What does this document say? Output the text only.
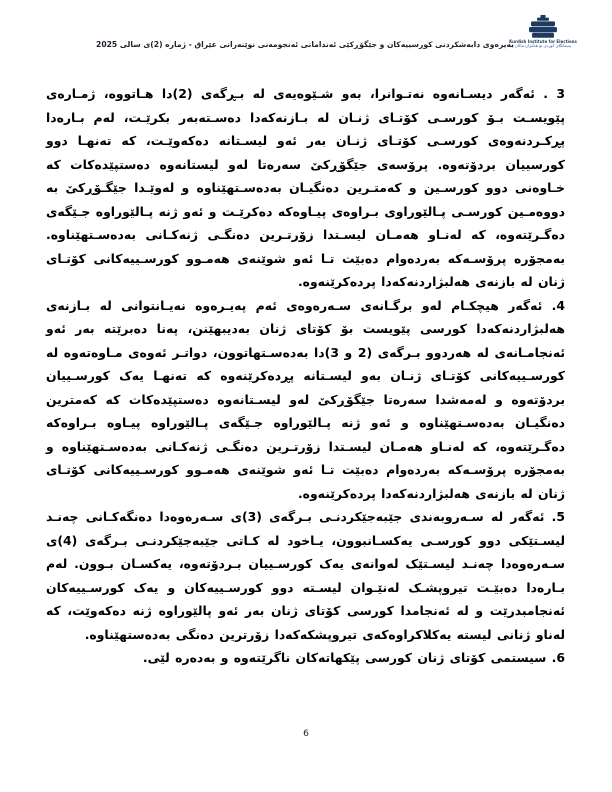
Kurdish Institute for Elections
پەیمانگای کوردی بۆ هەڵبژاردنەکان
بەیرەوی دابەشکردنی کورسییەکان و جێگۆڕکێی ئەندامانی ئەنجومەنی نوێنەرانی عێراق - ژمارە (2)ی سالی 2025

3 . ئەگەر دیسـانەوە نەتـوانرا، بەو شـێوەیەی لە بـڕگەی (2)دا هـاتووە، ژمـارەی پێویسـت بـۆ کورسـی کۆتـای ژنـان لە بـازنەکەدا دەسـتەبەر بکرێـت، لەم بـارەدا پڕکـردنەوەی کورسـی کۆتـای ژنـان بەر ئەو لیسـتانە دەکەوێـت، کە تەنهـا دوو کورسییان بردۆتەوە. پرۆسەی جێگۆڕکێ سەرەتا لەو لیستانەوە دەستپێدەکات کە خـاوەنی دوو کورسـین و کەمتـرین دەنگیـان بەدەسـتهێناوە و لەوێـدا جێگـۆڕکێ بە دووەمـین کورسـی پـالێوراوی بـراوەی پیـاوەکە دەکرێـت و ئەو ژنە پـالێوراوە جـێگەی دەگـرێتەوە، کە لەنـاو هەمـان لیسـتدا زۆرتـرین دەنگـی ژنەکـانی بەدەسـتهێناوە. بەمجۆرە پرۆسـەکە بەردەوام دەبێت تـا ئەو شوێنەی هەمـوو کورسـییەکانی کۆتـای ژنان لە بازنەی هەلبژاردنەکەدا پردەکرێنەوە.

4. ئەگەر هیچکـام لەو برگـانەی سـەرەوەی ئەم پەیـرەوە نەیـانتوانی لە بـازنەی هەلبژاردنەکەدا کورسی پێویست بۆ کۆتای ژنان بەدیبهێنن، پەنا دەبرێتە بەر ئەو ئەنجامـانەی لە هەردوو بـرگەی (2 و 3)دا بەدەسـتهاتوون، دواتـر ئەوەی مـاوەتەوە لە کورسـییەکانی کۆتـای ژنـان بەو لیسـتانە پڕدەکرێنەوە کە تەنهـا یەک کورسـییان بردۆتەوە و لەمەشدا سەرەتا جێگۆڕکێ لەو لیسـتانەوە دەستپێدەکات کە کەمترین دەنگیـان بەدەسـتهێناوە و ئەو ژنە پـالێوراوە جـێگەی پـالێوراوە پیـاوە بـراوەکە دەگـرێتەوە، کە لەنـاو هەمـان لیسـتدا زۆرتـرین دەنگـی ژنەکـانی بەدەسـتهێناوە و بەمجۆرە پرۆسـەکە بەردەوام دەبێت تـا ئەو شوێنەی هەمـوو کورسـییەکانی کۆتـای ژنان لە بازنەی هەلبژاردنەکەدا پردەکرێنەوە.

5. ئەگەر لە سـەروبەندی جێبەجێکردنـی بـرگەی (3)ی سـەرەوەدا دەنگەکـانی چەنـد لیسـتێکی دوو کورسـی یەکسـانبوون، یـاخود لە کـاتی جێبەجێکردنـی بـرگەی (4)ی سـەرەوەدا چەنـد لیسـتێک لەوانەی یەک کورسـییان بـردۆتەوە، یەکسـان بـوون. لەم بـارەدا دەبێـت تیروپشـک لەنێـوان لیسـتە دوو کورسـییەکان و یەک کورسـییەکان ئەنجامبدرێت و لە ئەنجامدا کورسی کۆتای ژنان بەر ئەو پالێوراوە ژنە دەکەوێت، کە لەناو ژنانی لیستە یەکلاکراوەکەی تیروپشکەکەدا زۆرترین دەنگی بەدەستهێناوە.

6. سیستمی کۆتای ژنان کورسی پێکهاتەکان ناگرێتەوە و بەدەرە لێی.

6
